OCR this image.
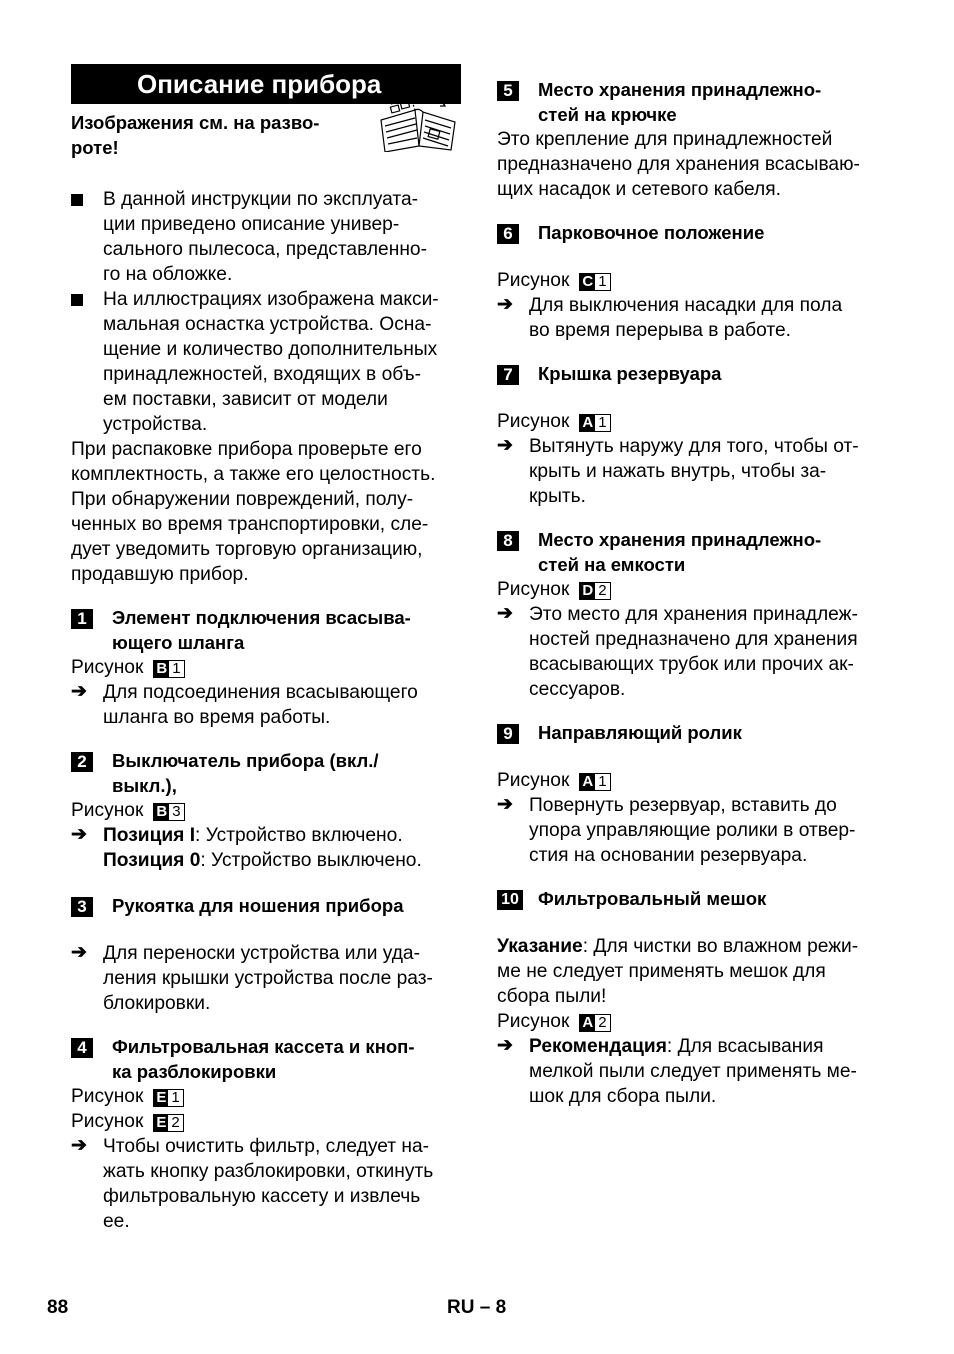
Описание прибора

Изображения см. на разво-

роте!

В данной инструкции по эксплуата-

ции приведено описание универ-

сального пылесоса, представленно-

го на обложке.

На иллюстрациях изображена макси-

мальная оснастка устройства. Осна-

щение и количество дополнительных

принадлежностей, входящих в объ-

ем поставки, зависит от модели

устройства.

При распаковке прибора проверьте его

комплектность, а также его целостность.

При обнаружении повреждений, полу-

ченных во время транспортировки, сле-

дует уведомить торговую организацию,

продавшую прибор.

1	Элемент подключения всасыва-

ющего шланга

Рисунок B 1
➔ Для подсоединения всасывающего

шланга во время работы.

2	Выключатель прибора (вкл./

выкл.),

Рисунок B 3
➔ Позиция I: Устройство включено.

Позиция 0: Устройство выключено.

3	Рукоятка для ношения прибора

➔ Для переноски устройства или уда-

ления крышки устройства после раз-

блокировки.

4	Фильтровальная кассета и кноп-

ка разблокировки

Рисунок E 1
Рисунок E 2
➔ Чтобы очистить фильтр, следует на-

жать кнопку разблокировки, откинуть

фильтровальную кассету и извлечь

ее.

5	Место хранения принадлежно-

стей на крючке

Это крепление для принадлежностей

предназначено для хранения всасываю-

щих насадок и сетевого кабеля.

6	Парковочное положение

Рисунок C 1
➔ Для выключения насадки для пола

во время перерыва в работе.

7	Крышка резервуара

Рисунок A 1
➔ Вытянуть наружу для того, чтобы от-

крыть и нажать внутрь, чтобы за-

крыть.

8	Место хранения принадлежно-

стей на емкости

Рисунок D 2
➔ Это место для хранения принадлеж-

ностей предназначено для хранения

всасывающих трубок или прочих ак-

сессуаров.

9	Направляющий ролик

Рисунок A 1
➔ Повернуть резервуар, вставить до

упора управляющие ролики в отвер-

стия на основании резервуара.

10 Фильтровальный мешок

Указание: Для чистки во влажном режи-

ме не следует применять мешок для

сбора пыли!

Рисунок A 2
➔ Рекомендация: Для всасывания

мелкой пыли следует применять ме-

шок для сбора пыли.

88	RU – 8
